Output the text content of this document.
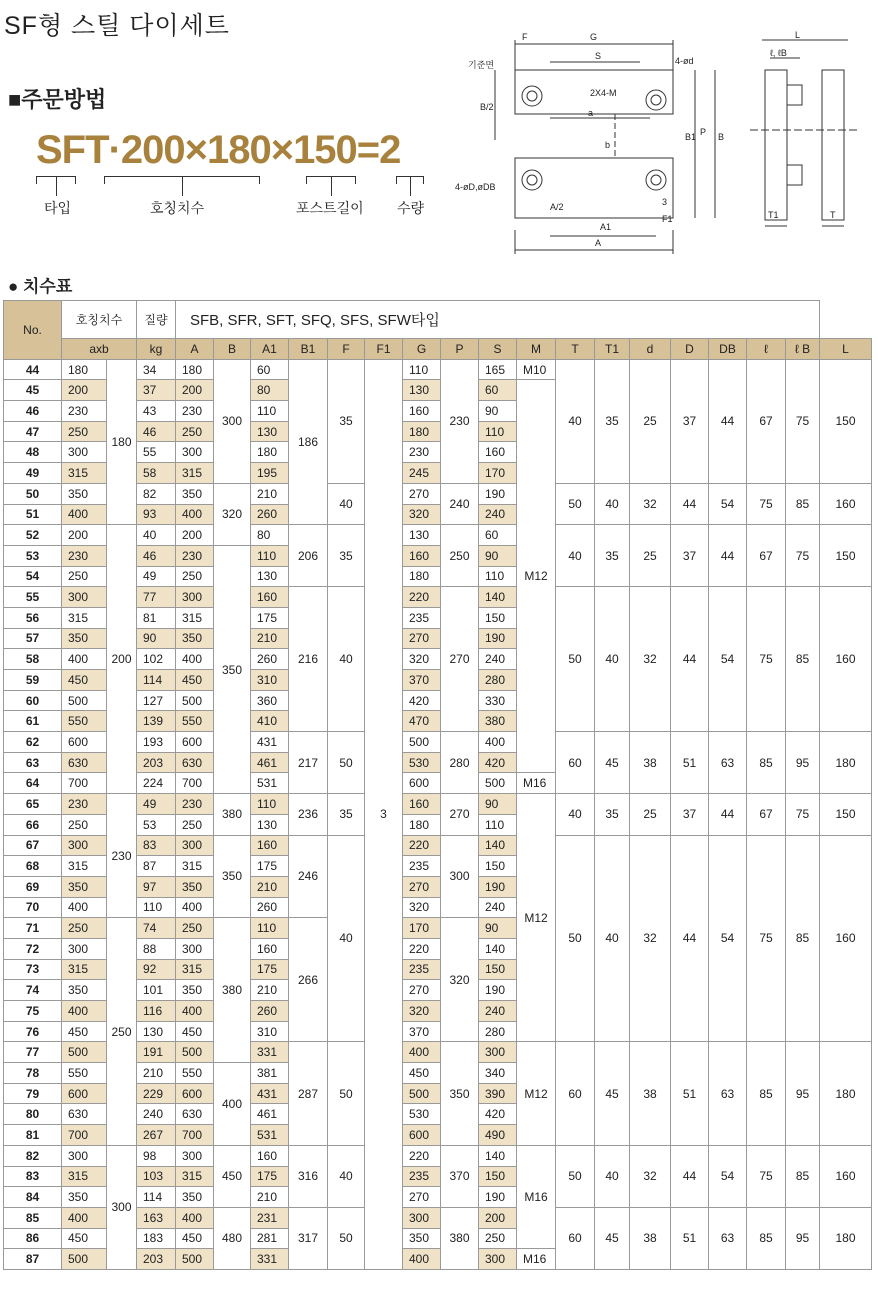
SF형 스틸 다이세트
■주문방법
SFT·200×180×150=2
타입	호칭치수	포스트길이 수량
F	G
S	4-ød
기준면
2X4-M
a
b
B/2
A/2
A1
A
3
F1
B1 P B
4-øD,øDB
L
ℓ, ℓB
T1	T
● 치수표
No.	호칭치수		질량	SFB, SFR, SFT, SFQ, SFS, SFW타입																	
	axb		kg	A	B	A1	B1	F	F1	G	P	S	M	T	T1	d	D	DB	ℓ	ℓ B	L
44	180	180	34	180	300	60	186	35	3	110	230	165	M10	40	35	25	37	44	67	75	150
45	200		37	200		80				130		60	M12								
46	230		43	230		110				160		90									
47	250		46	250		130				180		110									
48	300		55	300		180				230		160									
49	315		58	315		195				245		170									
50	350		82	350	320	210		40		270	240	190		50	40	32	44	54	75	85	160
51	400		93	400		260				320		240									
52	200	200	40	200		80	206	35		130	250	60		40	35	25	37	44	67	75	150
53	230		46	230	350	110				160		90									
54	250		49	250		130				180		110									
55	300		77	300		160	216	40		220	270	140		50	40	32	44	54	75	85	160
56	315		81	315		175				235		150									
57	350		90	350		210				270		190									
58	400		102	400		260				320		240									
59	450		114	450		310				370		280									
60	500		127	500		360				420		330									
61	550		139	550		410				470		380									
62	600		193	600		431	217	50		500	280	400		60	45	38	51	63	85	95	180
63	630		203	630		461				530		420									
64	700		224	700		531				600		500	M16								
65	230	230	49	230	380	110	236	35		160	270	90	M12	40	35	25	37	44	67	75	150
66	250		53	250		130				180		110									
67	300		83	300	350	160	246	40		220	300	140		50	40	32	44	54	75	85	160
68	315		87	315		175				235		150									
69	350		97	350		210				270		190									
70	400		110	400		260				320		240									
71	250	250	74	250	380	110	266			170	320	90									
72	300		88	300		160				220		140									
73	315		92	315		175				235		150									
74	350		101	350		210				270		190									
75	400		116	400		260				320		240									
76	450		130	450		310				370		280									
77	500		191	500		331	287	50		400	350	300	M12	60	45	38	51	63	85	95	180
78	550		210	550	400	381				450		340									
79	600		229	600		431				500		390									
80	630		240	630		461				530		420									
81	700		267	700		531				600		490									
82	300	300	98	300	450	160	316	40		220	370	140	M16	50	40	32	44	54	75	85	160
83	315		103	315		175				235		150									
84	350		114	350		210				270		190									
85	400		163	400	480	231	317	50		300	380	200		60	45	38	51	63	85	95	180
86	450		183	450		281				350		250									
87	500		203	500		331				400		300	M16								
